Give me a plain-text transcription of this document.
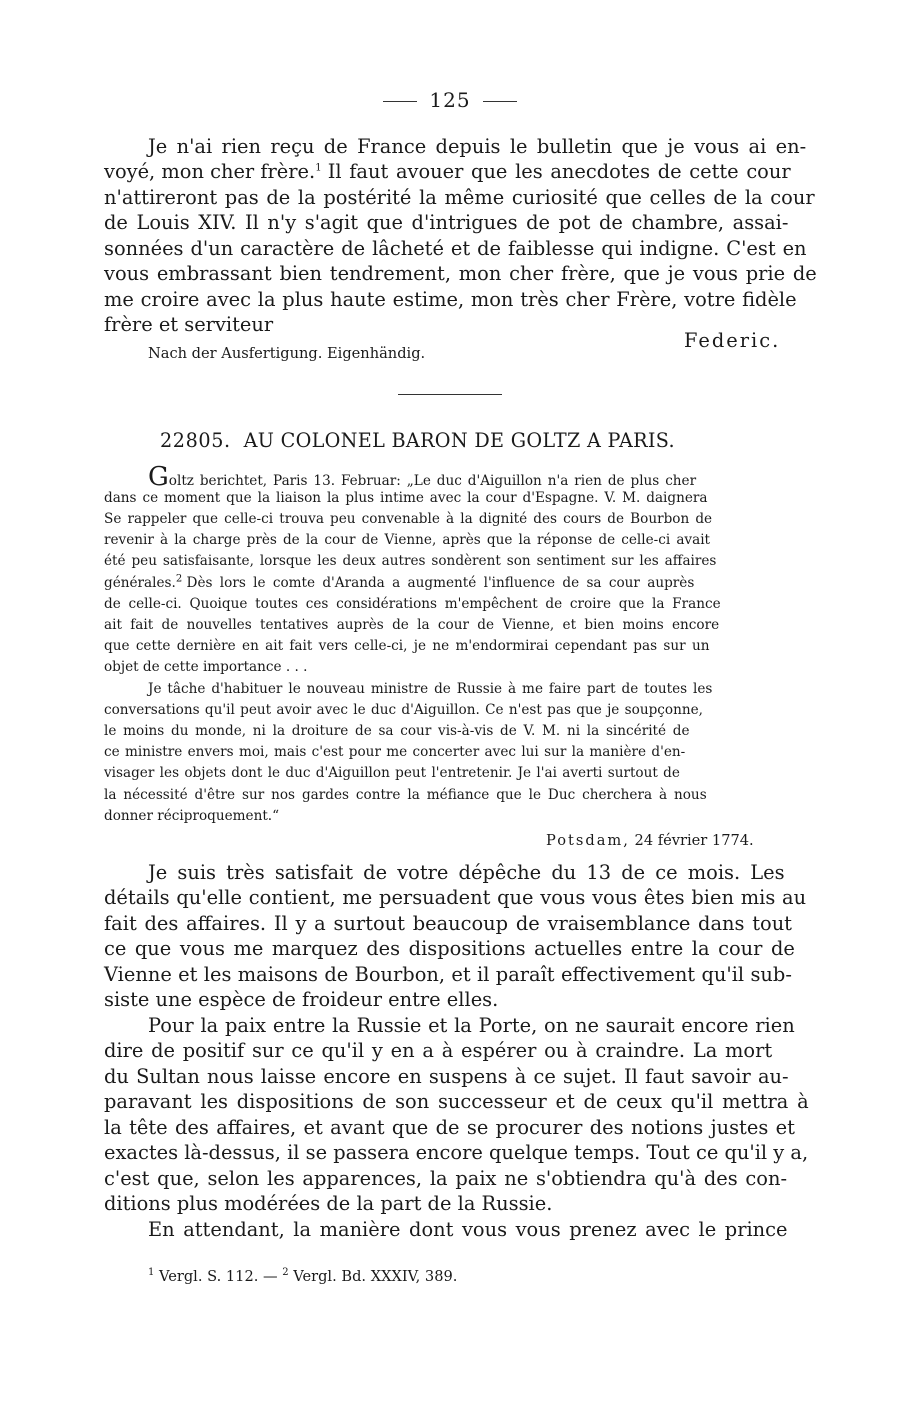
125
Je n'ai rien reçu de France depuis le bulletin que je vous ai en-
voyé, mon cher frère.$^1$ Il faut avouer que les anecdotes de cette cour
n'attireront pas de la postérité la même curiosité que celles de la cour
de Louis XIV. Il n'y s'agit que d'intrigues de pot de chambre, assai-
sonnées d'un caractère de lâcheté et de faiblesse qui indigne. C'est en
vous embrassant bien tendrement, mon cher frère, que je vous prie de
me croire avec la plus haute estime, mon très cher Frère, votre fidèle
frère et serviteur
Federic.
Nach der Ausfertigung. Eigenhändig.
22805. AU COLONEL BARON DE GOLTZ A PARIS.
Goltz berichtet, Paris 13. Februar: „Le duc d'Aiguillon n'a rien de plus cher
dans ce moment que la liaison la plus intime avec la cour d'Espagne. V. M. daignera
Se rappeler que celle-ci trouva peu convenable à la dignité des cours de Bourbon de
revenir à la charge près de la cour de Vienne, après que la réponse de celle-ci avait
été peu satisfaisante, lorsque les deux autres sondèrent son sentiment sur les affaires
générales.$^2$ Dès lors le comte d'Aranda a augmenté l'influence de sa cour auprès
de celle-ci. Quoique toutes ces considérations m'empêchent de croire que la France
ait fait de nouvelles tentatives auprès de la cour de Vienne, et bien moins encore
que cette dernière en ait fait vers celle-ci, je ne m'endormirai cependant pas sur un
objet de cette importance . . .
Je tâche d'habituer le nouveau ministre de Russie à me faire part de toutes les
conversations qu'il peut avoir avec le duc d'Aiguillon. Ce n'est pas que je soupçonne,
le moins du monde, ni la droiture de sa cour vis-à-vis de V. M. ni la sincérité de
ce ministre envers moi, mais c'est pour me concerter avec lui sur la manière d'en-
visager les objets dont le duc d'Aiguillon peut l'entretenir. Je l'ai averti surtout de
la nécessité d'être sur nos gardes contre la méfiance que le Duc cherchera à nous
donner réciproquement.“
Potsdam, 24 février 1774.
Je suis très satisfait de votre dépêche du 13 de ce mois. Les
détails qu'elle contient, me persuadent que vous vous êtes bien mis au
fait des affaires. Il y a surtout beaucoup de vraisemblance dans tout
ce que vous me marquez des dispositions actuelles entre la cour de
Vienne et les maisons de Bourbon, et il paraît effectivement qu'il sub-
siste une espèce de froideur entre elles.
Pour la paix entre la Russie et la Porte, on ne saurait encore rien
dire de positif sur ce qu'il y en a à espérer ou à craindre. La mort
du Sultan nous laisse encore en suspens à ce sujet. Il faut savoir au-
paravant les dispositions de son successeur et de ceux qu'il mettra à
la tête des affaires, et avant que de se procurer des notions justes et
exactes là-dessus, il se passera encore quelque temps. Tout ce qu'il y a,
c'est que, selon les apparences, la paix ne s'obtiendra qu'à des con-
ditions plus modérées de la part de la Russie.
En attendant, la manière dont vous vous prenez avec le prince
$^1$ Vergl. S. 112. — $^2$ Vergl. Bd. XXXIV, 389.
